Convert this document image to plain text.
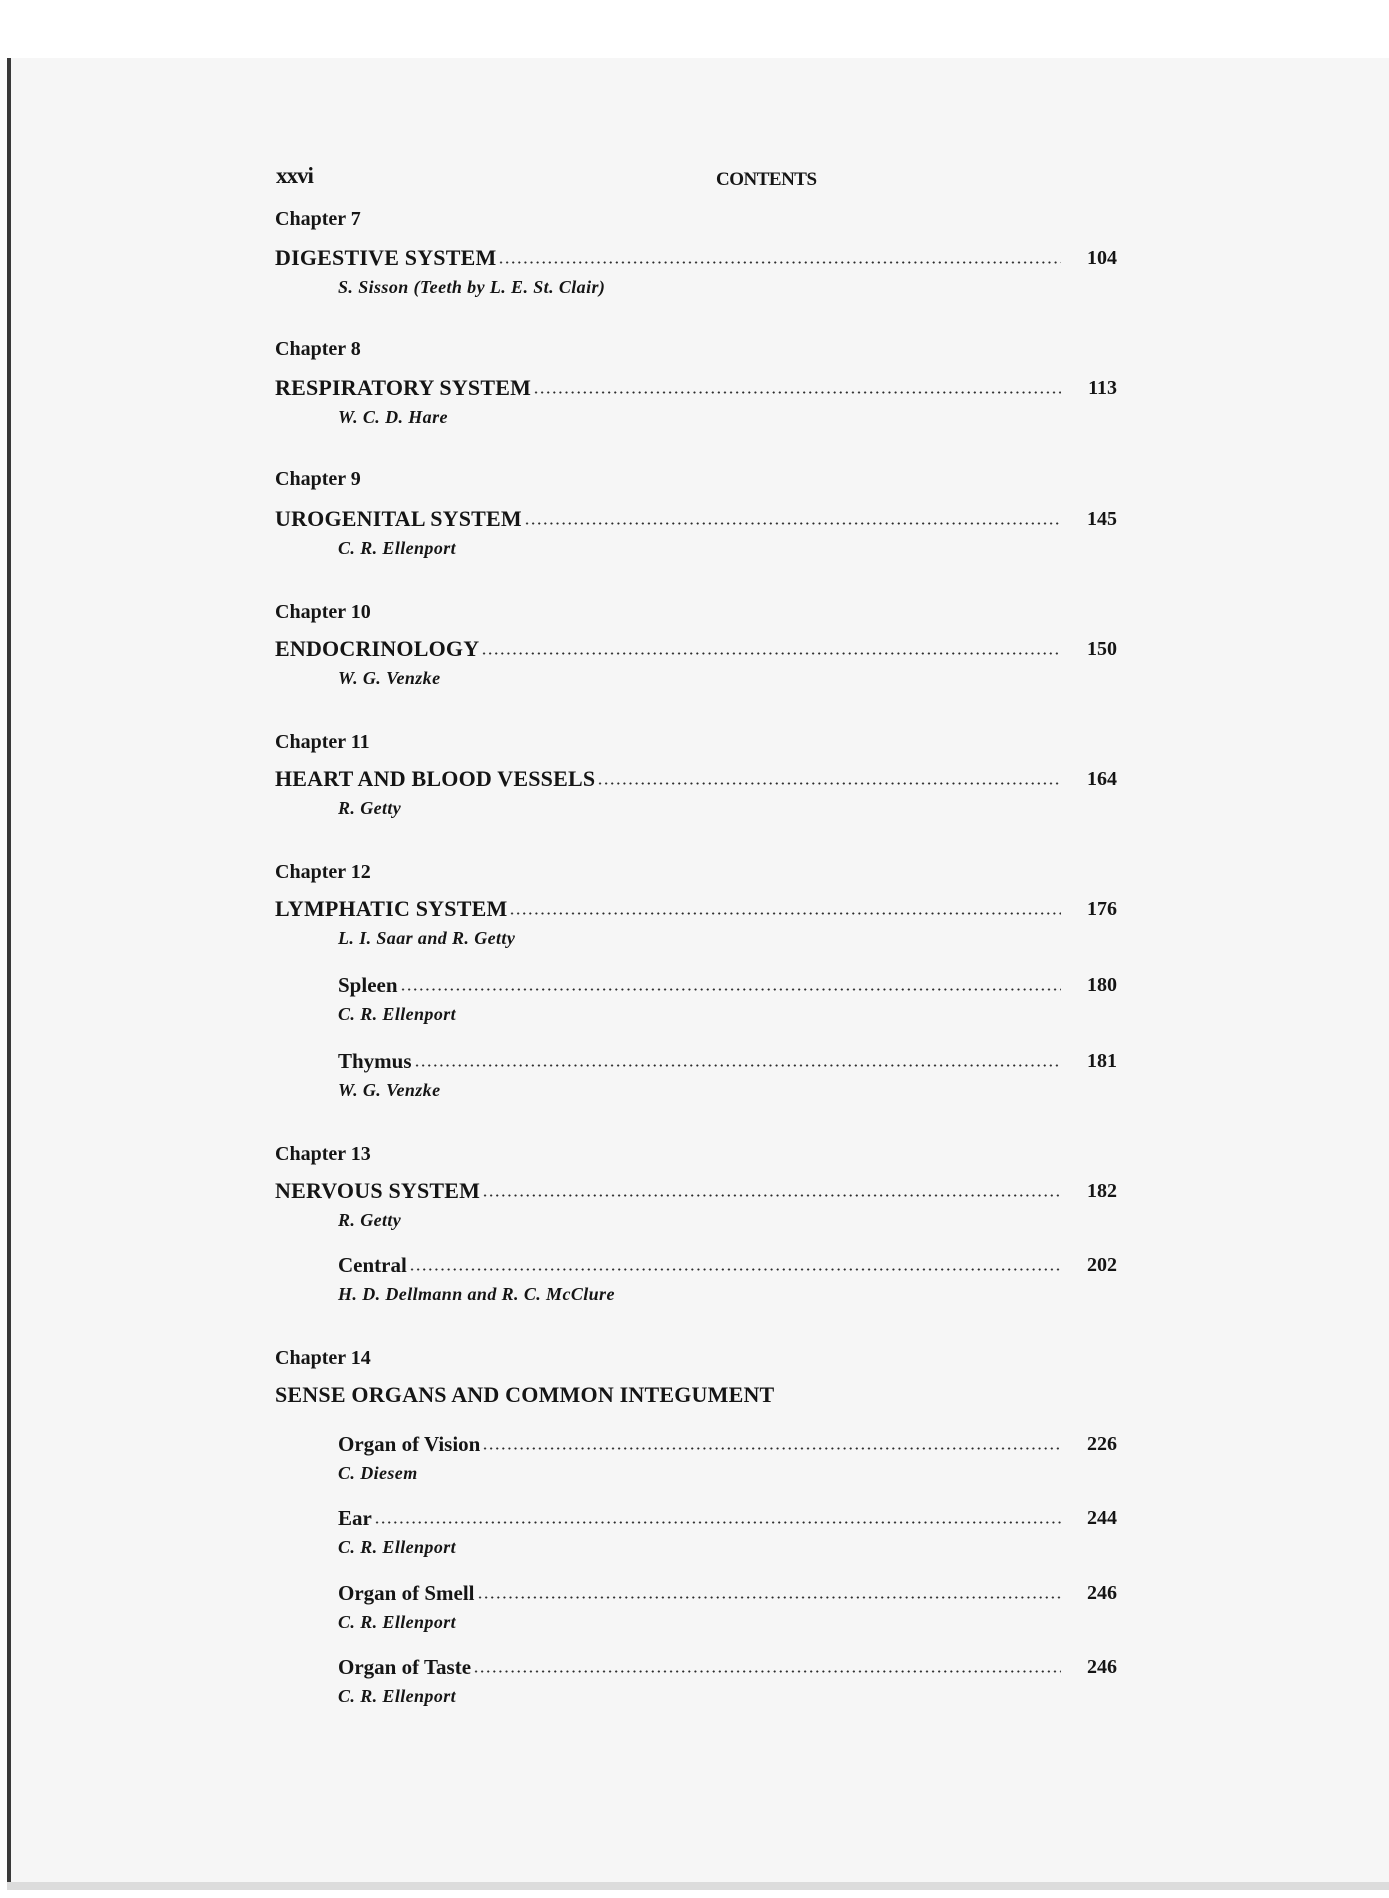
xxvi	CONTENTS
Chapter 7
DIGESTIVE SYSTEM	104
S. Sisson (Teeth by L. E. St. Clair)
Chapter 8
RESPIRATORY SYSTEM	113
W. C. D. Hare
Chapter 9
UROGENITAL SYSTEM	145
C. R. Ellenport
Chapter 10
ENDOCRINOLOGY	150
W. G. Venzke
Chapter 11
HEART AND BLOOD VESSELS	164
R. Getty
Chapter 12
LYMPHATIC SYSTEM	176
L. I. Saar and R. Getty
Spleen	180
C. R. Ellenport
Thymus	181
W. G. Venzke
Chapter 13
NERVOUS SYSTEM	182
R. Getty
Central	202
H. D. Dellmann and R. C. McClure
Chapter 14
SENSE ORGANS AND COMMON INTEGUMENT
Organ of Vision	226
C. Diesem
Ear	244
C. R. Ellenport
Organ of Smell	246
C. R. Ellenport
Organ of Taste	246
C. R. Ellenport
